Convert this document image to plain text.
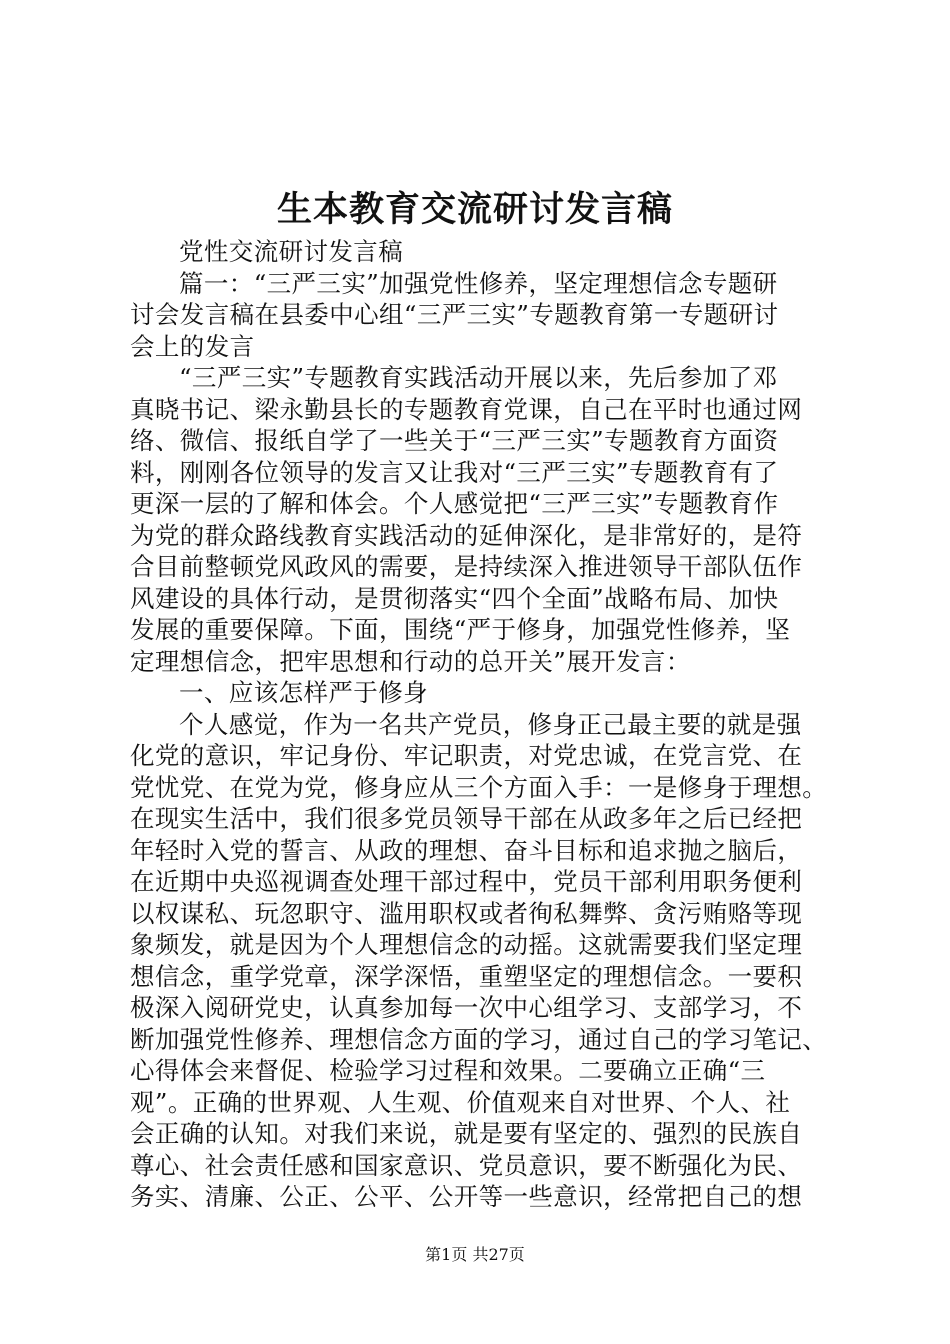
生本教育交流研讨发言稿
党性交流研讨发言稿
篇一：“三严三实”加强党性修养，坚定理想信念专题研
讨会发言稿在县委中心组“三严三实”专题教育第一专题研讨
会上的发言
“三严三实”专题教育实践活动开展以来，先后参加了邓
真晓书记、梁永勤县长的专题教育党课，自己在平时也通过网
络、微信、报纸自学了一些关于“三严三实”专题教育方面资
料，刚刚各位领导的发言又让我对“三严三实”专题教育有了
更深一层的了解和体会。个人感觉把“三严三实”专题教育作
为党的群众路线教育实践活动的延伸深化，是非常好的，是符
合目前整顿党风政风的需要，是持续深入推进领导干部队伍作
风建设的具体行动，是贯彻落实“四个全面”战略布局、加快
发展的重要保障。下面，围绕“严于修身，加强党性修养，坚
定理想信念，把牢思想和行动的总开关”展开发言：
一、应该怎样严于修身
个人感觉，作为一名共产党员，修身正己最主要的就是强
化党的意识，牢记身份、牢记职责，对党忠诚，在党言党、在
党忧党、在党为党，修身应从三个方面入手：一是修身于理想。
在现实生活中，我们很多党员领导干部在从政多年之后已经把
年轻时入党的誓言、从政的理想、奋斗目标和追求抛之脑后，
在近期中央巡视调查处理干部过程中，党员干部利用职务便利
以权谋私、玩忽职守、滥用职权或者徇私舞弊、贪污贿赂等现
象频发，就是因为个人理想信念的动摇。这就需要我们坚定理
想信念，重学党章，深学深悟，重塑坚定的理想信念。一要积
极深入阅研党史，认真参加每一次中心组学习、支部学习，不
断加强党性修养、理想信念方面的学习，通过自己的学习笔记、
心得体会来督促、检验学习过程和效果。二要确立正确“三
观”。正确的世界观、人生观、价值观来自对世界、个人、社
会正确的认知。对我们来说，就是要有坚定的、强烈的民族自
尊心、社会责任感和国家意识、党员意识，要不断强化为民、
务实、清廉、公正、公平、公开等一些意识，经常把自己的想
第1页 共27页
